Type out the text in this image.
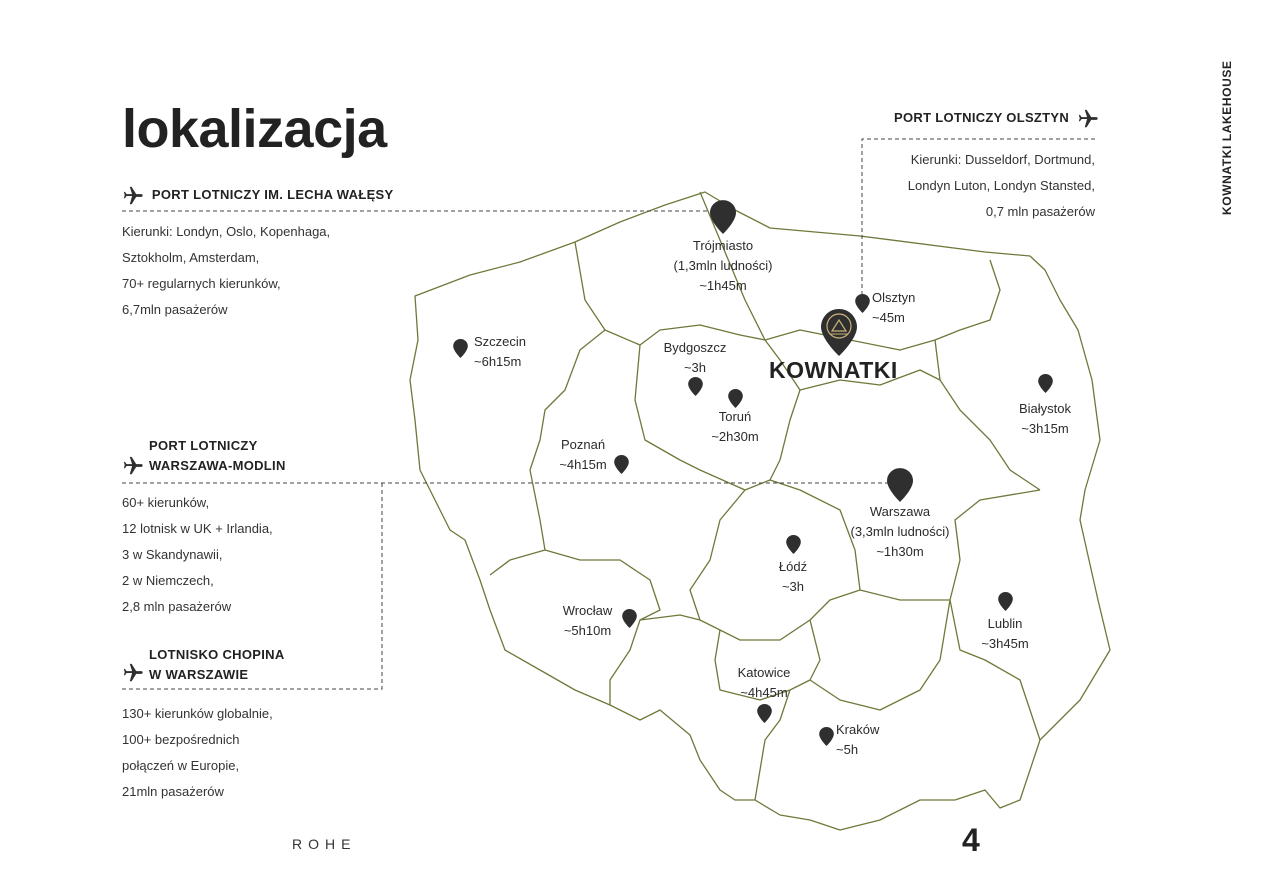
lokalizacja	KOWNATKI LAKEHOUSE
PORT LOTNICZY IM. LECHA WAŁĘSY
Kierunki: Londyn, Oslo, Kopenhaga,
Sztokholm, Amsterdam,
70+ regularnych kierunków,
6,7mln pasażerów
PORT LOTNICZY
WARSZAWA-MODLIN
60+ kierunków,
12 lotnisk w UK + Irlandia,
3 w Skandynawii,
2 w Niemczech,
2,8 mln pasażerów
LOTNISKO CHOPINA
W WARSZAWIE
130+ kierunków globalnie,
100+ bezpośrednich
połączeń w Europie,
21mln pasażerów
PORT LOTNICZY OLSZTYN
Kierunki: Dusseldorf, Dortmund,
Londyn Luton, Londyn Stansted,
0,7 mln pasażerów
Trójmiasto
(1,3mln ludności)
~1h45m
Olsztyn
~45m
Szczecin
~6h15m
Bydgoszcz
~3h
Toruń
~2h30m
Białystok
~3h15m
Poznań
~4h15m
Warszawa
(3,3mln ludności)
~1h30m
Łódź
~3h
Wrocław
~5h10m	Lublin
~3h45m
Katowice
~4h45m
Kraków
~5h
KOWNATKI
ROHE	4
